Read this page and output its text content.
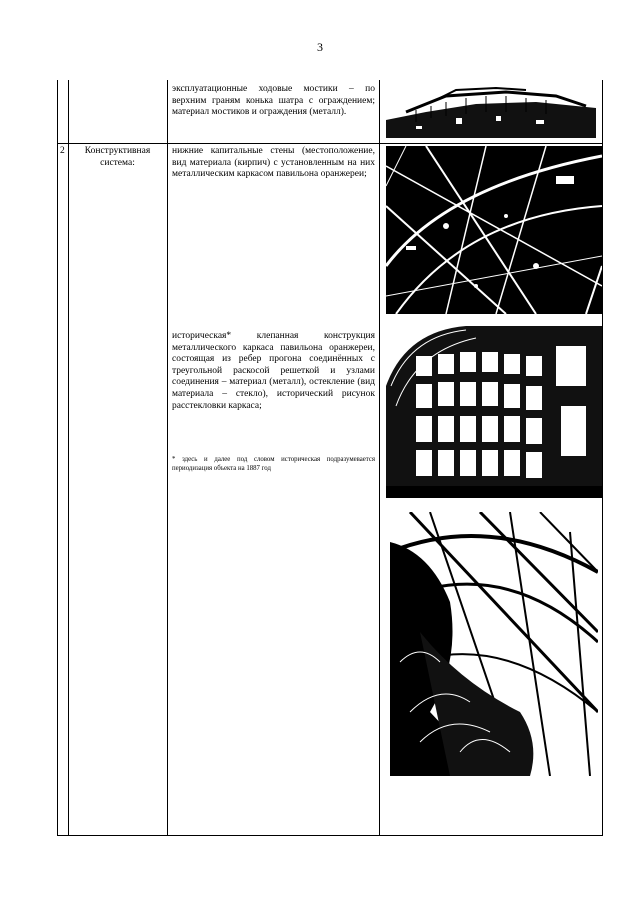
3
эксплуатационные ходовые мостики – по верхним граням конька шатра с ограждением; материал мостиков и ограждения (металл).
2	Конструктивная система:
нижние капитальные стены (местоположение, вид материала (кирпич) с установленным на них металлическим каркасом павильона оранжереи;
историческая* клепанная конструкция металлического каркаса павильона оранжереи, состоящая из ребер прогона соединённых с треугольной раскосой решеткой и узлами соединения – материал (металл), остекление (вид материала – стекло), исторический рисунок расстекловки каркаса;
* здесь и далее под словом историческая подразумевается периодизация объекта на 1887 год
